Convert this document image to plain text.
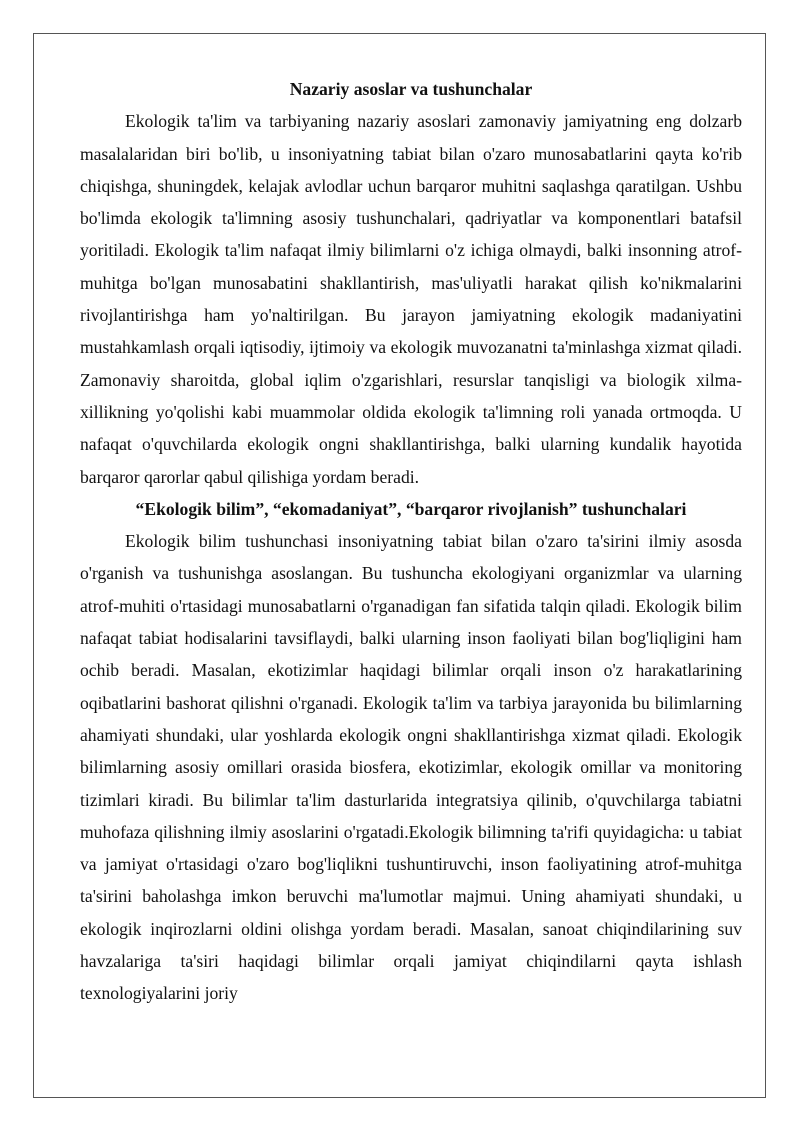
Nazariy asoslar va tushunchalar

Ekologik ta'lim va tarbiyaning nazariy asoslari zamonaviy jamiyatning eng dolzarb masalalaridan biri bo'lib, u insoniyatning tabiat bilan o'zaro munosabatlarini qayta ko'rib chiqishga, shuningdek, kelajak avlodlar uchun barqaror muhitni saqlashga qaratilgan. Ushbu bo'limda ekologik ta'limning asosiy tushunchalari, qadriyatlar va komponentlari batafsil yoritiladi. Ekologik ta'lim nafaqat ilmiy bilimlarni o'z ichiga olmaydi, balki insonning atrof-muhitga bo'lgan munosabatini shakllantirish, mas'uliyatli harakat qilish ko'nikmalarini rivojlantirishga ham yo'naltirilgan. Bu jarayon jamiyatning ekologik madaniyatini mustahkamlash orqali iqtisodiy, ijtimoiy va ekologik muvozanatni ta'minlashga xizmat qiladi. Zamonaviy sharoitda, global iqlim o'zgarishlari, resurslar tanqisligi va biologik xilma-xillikning yo'qolishi kabi muammolar oldida ekologik ta'limning roli yanada ortmoqda. U nafaqat o'quvchilarda ekologik ongni shakllantirishga, balki ularning kundalik hayotida barqaror qarorlar qabul qilishiga yordam beradi.

“Ekologik bilim”, “ekomadaniyat”, “barqaror rivojlanish” tushunchalari

Ekologik bilim tushunchasi insoniyatning tabiat bilan o'zaro ta'sirini ilmiy asosda o'rganish va tushunishga asoslangan. Bu tushuncha ekologiyani organizmlar va ularning atrof-muhiti o'rtasidagi munosabatlarni o'rganadigan fan sifatida talqin qiladi. Ekologik bilim nafaqat tabiat hodisalarini tavsiflaydi, balki ularning inson faoliyati bilan bog'liqligini ham ochib beradi. Masalan, ekotizimlar haqidagi bilimlar orqali inson o'z harakatlarining oqibatlarini bashorat qilishni o'rganadi. Ekologik ta'lim va tarbiya jarayonida bu bilimlarning ahamiyati shundaki, ular yoshlarda ekologik ongni shakllantirishga xizmat qiladi. Ekologik bilimlarning asosiy omillari orasida biosfera, ekotizimlar, ekologik omillar va monitoring tizimlari kiradi. Bu bilimlar ta'lim dasturlarida integratsiya qilinib, o'quvchilarga tabiatni muhofaza qilishning ilmiy asoslarini o'rgatadi.Ekologik bilimning ta'rifi quyidagicha: u tabiat va jamiyat o'rtasidagi o'zaro bog'liqlikni tushuntiruvchi, inson faoliyatining atrof-muhitga ta'sirini baholashga imkon beruvchi ma'lumotlar majmui. Uning ahamiyati shundaki, u ekologik inqirozlarni oldini olishga yordam beradi. Masalan, sanoat chiqindilarining suv havzalariga ta'siri haqidagi bilimlar orqali jamiyat chiqindilarni qayta ishlash texnologiyalarini joriy
